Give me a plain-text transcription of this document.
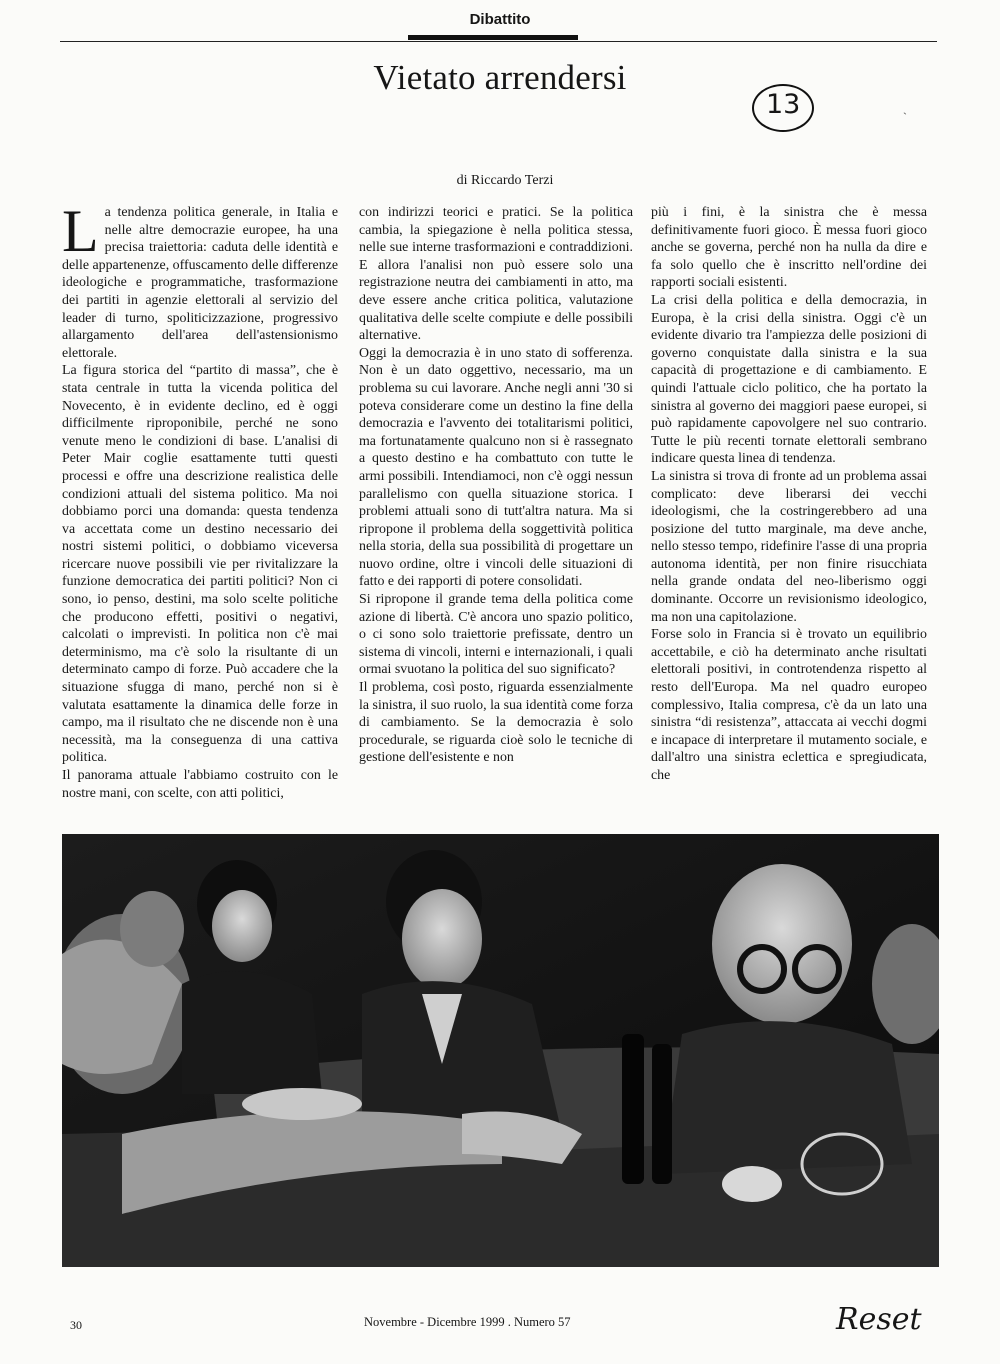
Dibattito
Vietato arrendersi
13	`
di Riccardo Terzi
L a tendenza politica generale, in Italia e nelle altre democrazie europee, ha una precisa traiettoria: caduta delle identità e delle appartenenze, offuscamento delle differenze ideologiche e programmatiche, trasformazione dei partiti in agenzie elettorali al servizio del leader di turno, spoliticizzazione, progressivo allargamento dell'area dell'astensionismo elettorale.

La figura storica del “partito di massa”, che è stata centrale in tutta la vicenda politica del Novecento, è in evidente declino, ed è oggi difficilmente riproponibile, perché ne sono venute meno le condizioni di base. L'analisi di Peter Mair coglie esattamente tutti questi processi e offre una descrizione realistica delle condizioni attuali del sistema politico. Ma noi dobbiamo porci una domanda: questa tendenza va accettata come un destino necessario dei nostri sistemi politici, o dobbiamo viceversa ricercare nuove possibili vie per rivitalizzare la funzione democratica dei partiti politici? Non ci sono, io penso, destini, ma solo scelte politiche che producono effetti, positivi o negativi, calcolati o imprevisti. In politica non c'è mai determinismo, ma c'è solo la risultante di un determinato campo di forze. Può accadere che la situazione sfugga di mano, perché non si è valutata esattamente la dinamica delle forze in campo, ma il risultato che ne discende non è una necessità, ma la conseguenza di una cattiva politica.

Il panorama attuale l'abbiamo costruito con le nostre mani, con scelte, con atti politici,

con indirizzi teorici e pratici. Se la politica cambia, la spiegazione è nella politica stessa, nelle sue interne trasformazioni e contraddizioni. E allora l'analisi non può essere solo una registrazione neutra dei cambiamenti in atto, ma deve essere anche critica politica, valutazione qualitativa delle scelte compiute e delle possibili alternative.

Oggi la democrazia è in uno stato di sofferenza. Non è un dato oggettivo, necessario, ma un problema su cui lavorare. Anche negli anni '30 si poteva considerare come un destino la fine della democrazia e l'avvento dei totalitarismi politici, ma fortunatamente qualcuno non si è rassegnato a questo destino e ha combattuto con tutte le armi possibili. Intendiamoci, non c'è oggi nessun parallelismo con quella situazione storica. I problemi attuali sono di tutt'altra natura. Ma si ripropone il problema della soggettività politica nella storia, della sua possibilità di progettare un nuovo ordine, oltre i vincoli delle situazioni di fatto e dei rapporti di potere consolidati.

Si ripropone il grande tema della politica come azione di libertà. C'è ancora uno spazio politico, o ci sono solo traiettorie prefissate, dentro un sistema di vincoli, interni e internazionali, i quali ormai svuotano la politica del suo significato?

Il problema, così posto, riguarda essenzialmente la sinistra, il suo ruolo, la sua identità come forza di cambiamento. Se la democrazia è solo procedurale, se riguarda cioè solo le tecniche di gestione dell'esistente e non

più i fini, è la sinistra che è messa definitivamente fuori gioco. È messa fuori gioco anche se governa, perché non ha nulla da dire e fa solo quello che è inscritto nell'ordine dei rapporti sociali esistenti.

La crisi della politica e della democrazia, in Europa, è la crisi della sinistra. Oggi c'è un evidente divario tra l'ampiezza delle posizioni di governo conquistate dalla sinistra e la sua capacità di progettazione e di cambiamento. E quindi l'attuale ciclo politico, che ha portato la sinistra al governo dei maggiori paese europei, si può rapidamente capovolgere nel suo contrario. Tutte le più recenti tornate elettorali sembrano indicare questa linea di tendenza.

La sinistra si trova di fronte ad un problema assai complicato: deve liberarsi dei vecchi ideologismi, che la costringerebbero ad una posizione del tutto marginale, ma deve anche, nello stesso tempo, ridefinire l'asse di una propria autonoma identità, per non finire risucchiata nella grande ondata del neo-liberismo oggi dominante. Occorre un revisionismo ideologico, ma non una capitolazione.

Forse solo in Francia si è trovato un equilibrio accettabile, e ciò ha determinato anche risultati elettorali positivi, in controtendenza rispetto al resto dell'Europa. Ma nel quadro europeo complessivo, Italia compresa, c'è da un lato una sinistra “di resistenza”, attaccata ai vecchi dogmi e incapace di interpretare il mutamento sociale, e dall'altro una sinistra eclettica e spregiudicata, che

30	Novembre - Dicembre 1999 . Numero 57	Reset
